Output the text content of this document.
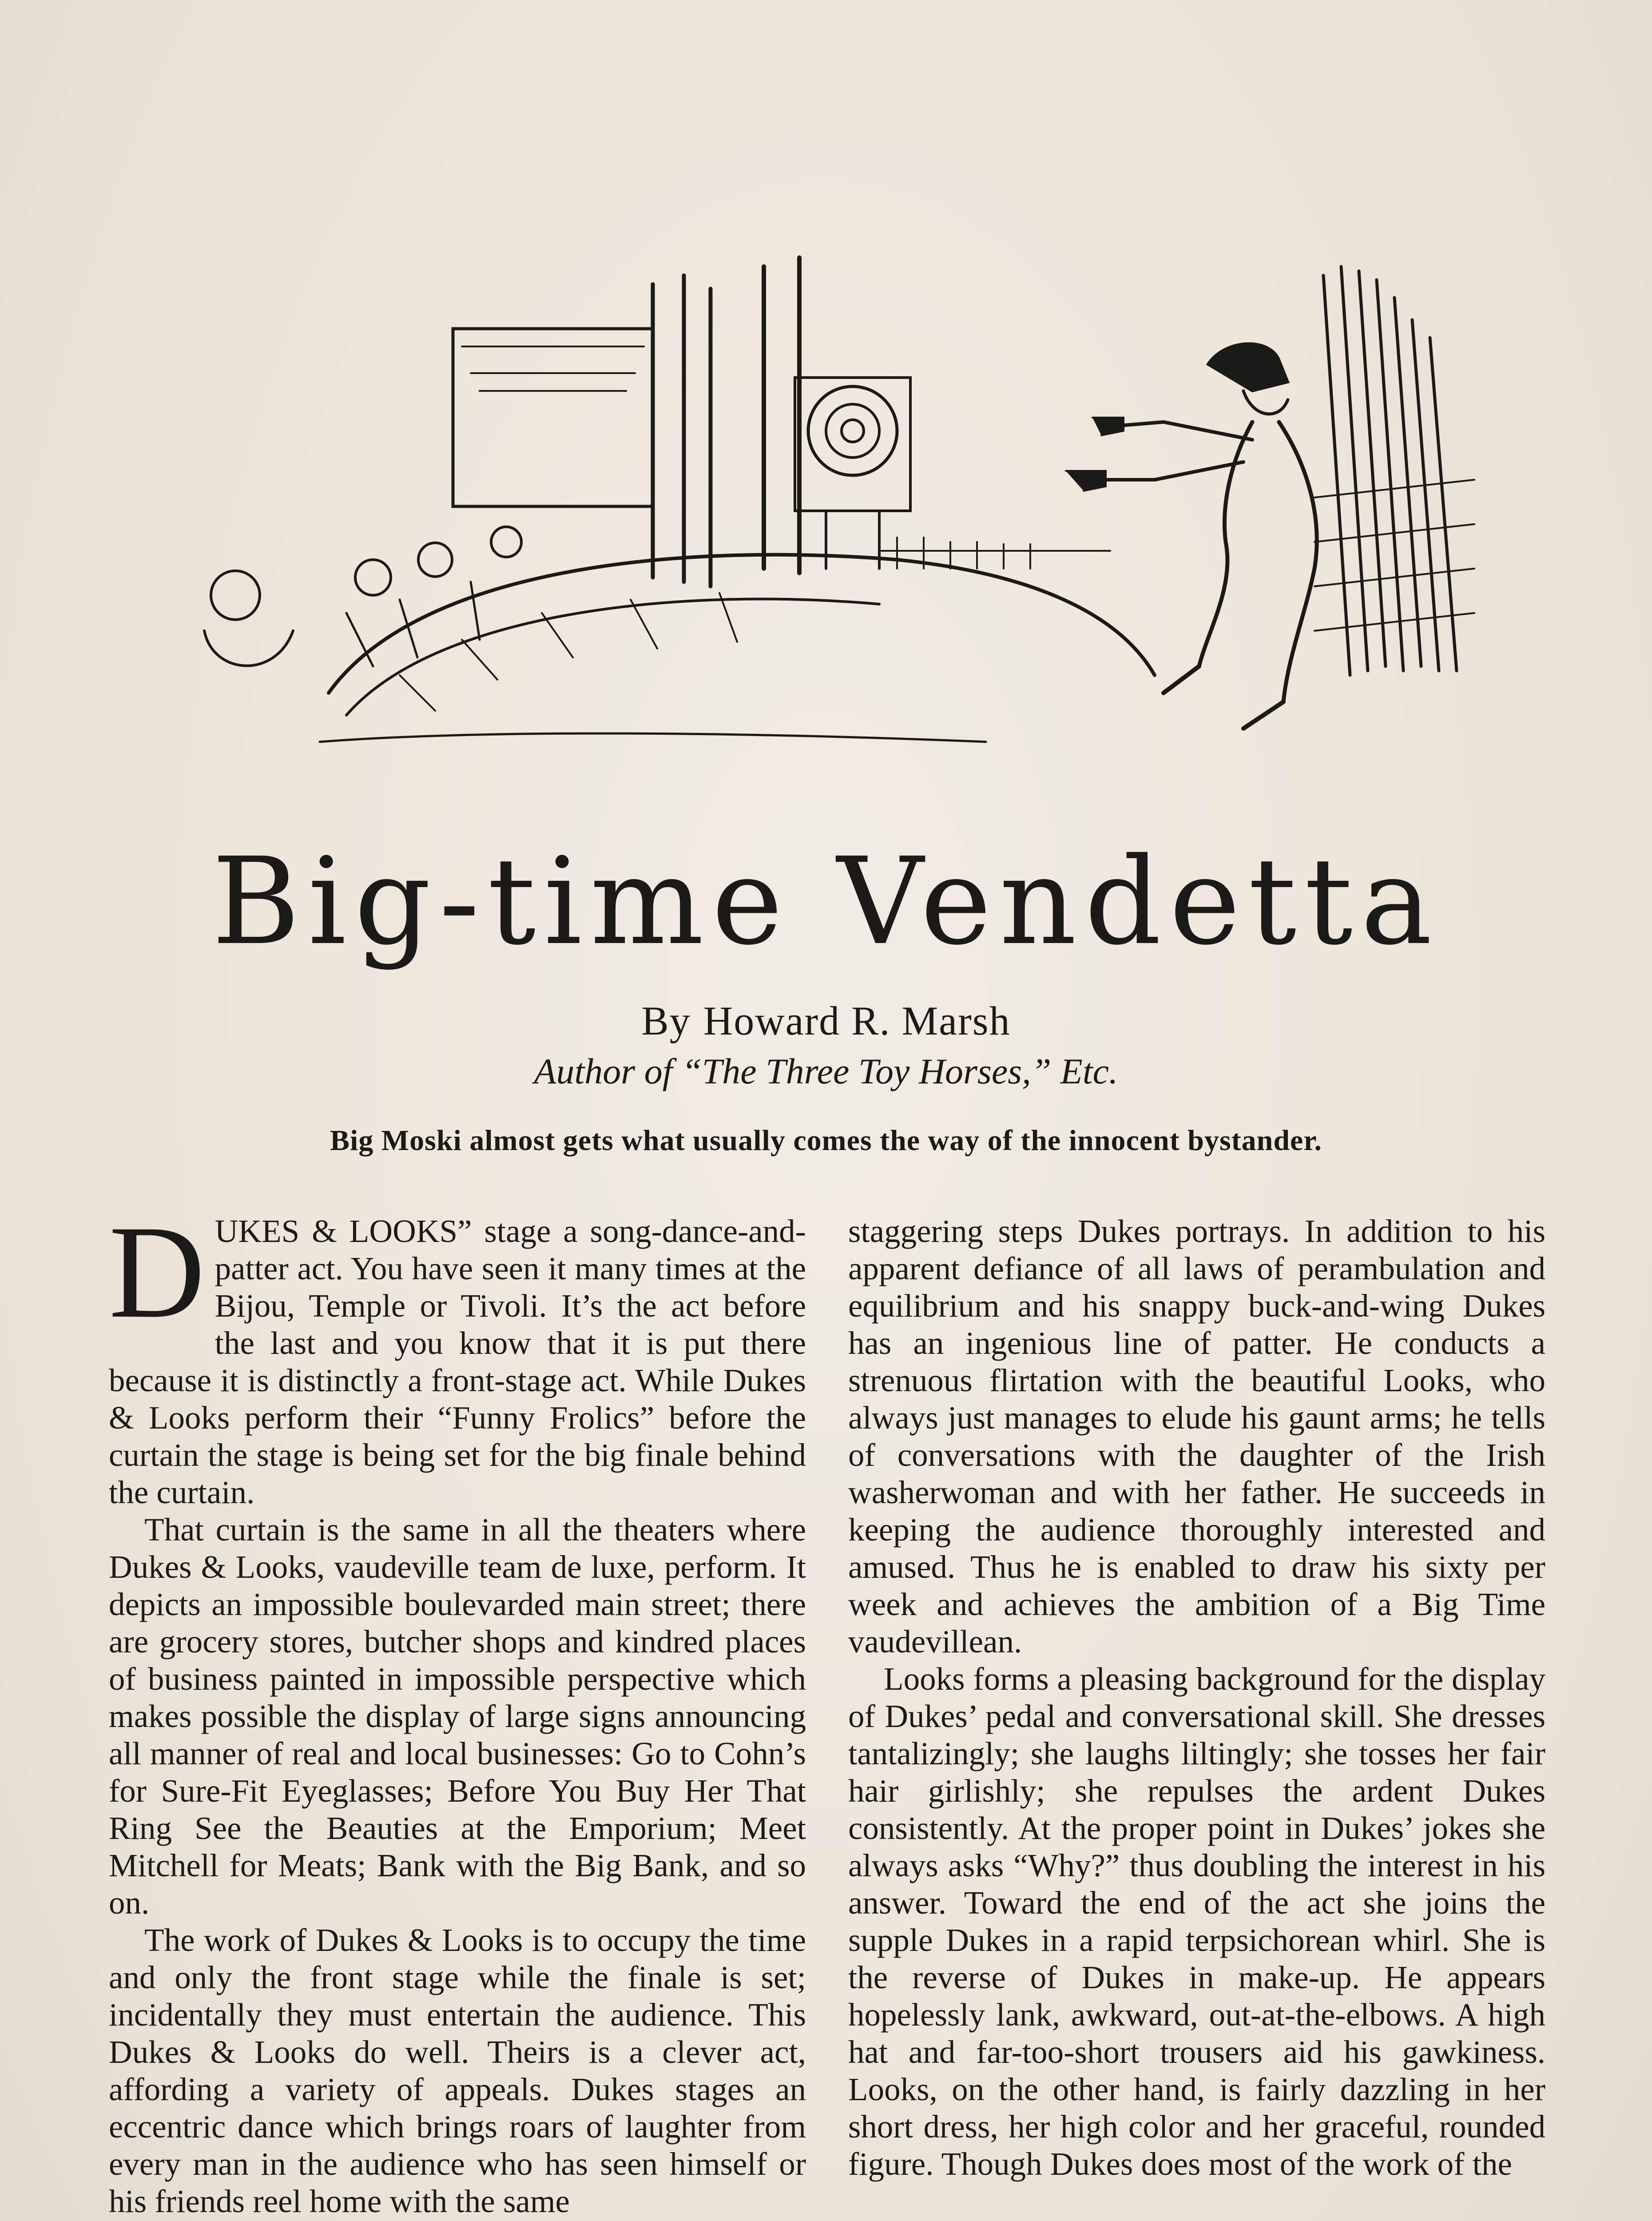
Big-time Vendetta
By Howard R. Marsh
Author of “The Three Toy Horses,” Etc.
Big Moski almost gets what usually comes the way of the innocent bystander.

DUKES & LOOKS” stage a song-dance-and-patter act. You have seen it many times at the Bijou, Temple or Tivoli. It’s the act before the last and you know that it is put there because it is distinctly a front-stage act. While Dukes & Looks perform their “Funny Frolics” before the curtain the stage is being set for the big finale behind the curtain.

That curtain is the same in all the theaters where Dukes & Looks, vaudeville team de luxe, perform. It depicts an impossible boulevarded main street; there are grocery stores, butcher shops and kindred places of business painted in impossible perspective which makes possible the display of large signs announcing all manner of real and local businesses: Go to Cohn’s for Sure-Fit Eyeglasses; Before You Buy Her That Ring See the Beauties at the Emporium; Meet Mitchell for Meats; Bank with the Big Bank, and so on.

The work of Dukes & Looks is to occupy the time and only the front stage while the finale is set; incidentally they must entertain the audience. This Dukes & Looks do well. Theirs is a clever act, affording a variety of appeals. Dukes stages an eccentric dance which brings roars of laughter from every man in the audience who has seen himself or his friends reel home with the same

staggering steps Dukes portrays. In addition to his apparent defiance of all laws of perambulation and equilibrium and his snappy buck-and-wing Dukes has an ingenious line of patter. He conducts a strenuous flirtation with the beautiful Looks, who always just manages to elude his gaunt arms; he tells of conversations with the daughter of the Irish washerwoman and with her father. He succeeds in keeping the audience thoroughly interested and amused. Thus he is enabled to draw his sixty per week and achieves the ambition of a Big Time vaudevillean.

Looks forms a pleasing background for the display of Dukes’ pedal and conversational skill. She dresses tantalizingly; she laughs liltingly; she tosses her fair hair girlishly; she repulses the ardent Dukes consistently. At the proper point in Dukes’ jokes she always asks “Why?” thus doubling the interest in his answer. Toward the end of the act she joins the supple Dukes in a rapid terpsichorean whirl. She is the reverse of Dukes in make-up. He appears hopelessly lank, awkward, out-at-the-elbows. A high hat and far-too-short trousers aid his gawkiness. Looks, on the other hand, is fairly dazzling in her short dress, her high color and her graceful, rounded figure. Though Dukes does most of the work of the
